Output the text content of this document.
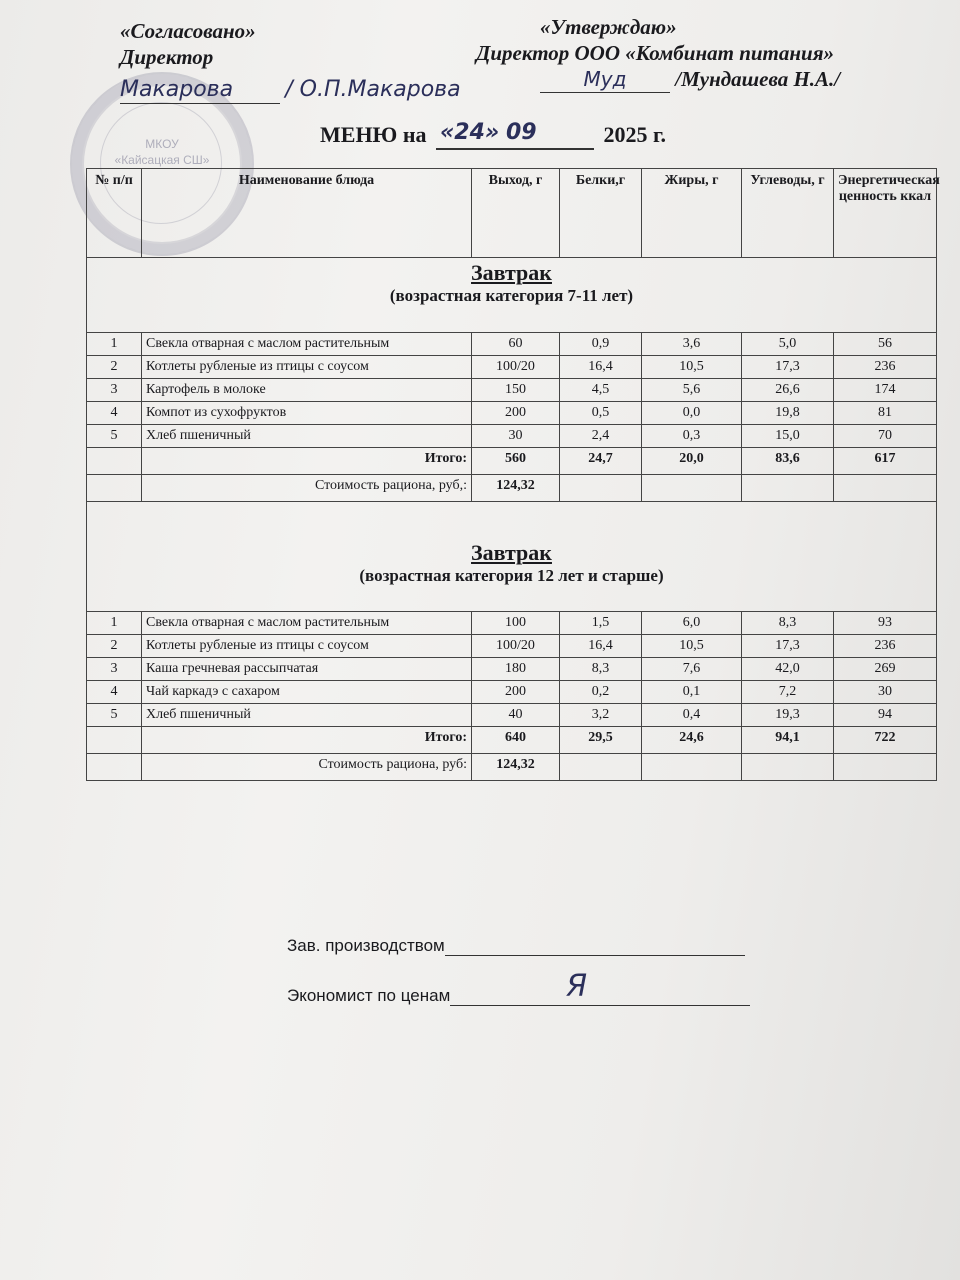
МКОУ
«Кайсацкая СШ»
«Согласовано»
Директор
Макарова / О.П.Макарова
«Утверждаю»
Директор ООО «Комбинат питания»
Муд /Мундашева Н.А./
МЕНЮ на «24» 09	2025 г.
№ п/п	Наименование блюда	Выход, г	Белки,г	Жиры, г	Углеводы, г	Энергетическая ценность ккал

Завтрак
(возрастная категория 7-11 лет)						

1	Свекла отварная с маслом растительным	60	0,9	3,6	5,0	56
2	Котлеты рубленые из птицы с соусом	100/20	16,4	10,5	17,3	236
3	Картофель в молоке	150	4,5	5,6	26,6	174
4	Компот из сухофруктов	200	0,5	0,0	19,8	81
5	Хлеб пшеничный	30	2,4	0,3	15,0	70
	Итого:	560	24,7	20,0	83,6	617
	Стоимость рациона, руб,:	124,32				

Завтрак
(возрастная категория 12 лет и старше)						

1	Свекла отварная с маслом растительным	100	1,5	6,0	8,3	93
2	Котлеты рубленые из птицы с соусом	100/20	16,4	10,5	17,3	236
3	Каша гречневая рассыпчатая	180	8,3	7,6	42,0	269
4	Чай каркадэ с сахаром	200	0,2	0,1	7,2	30
5	Хлеб пшеничный	40	3,2	0,4	19,3	94
	Итого:	640	29,5	24,6	94,1	722
	Стоимость рациона, руб:	124,32				
Зав. производством
Экономист по ценам	Я
